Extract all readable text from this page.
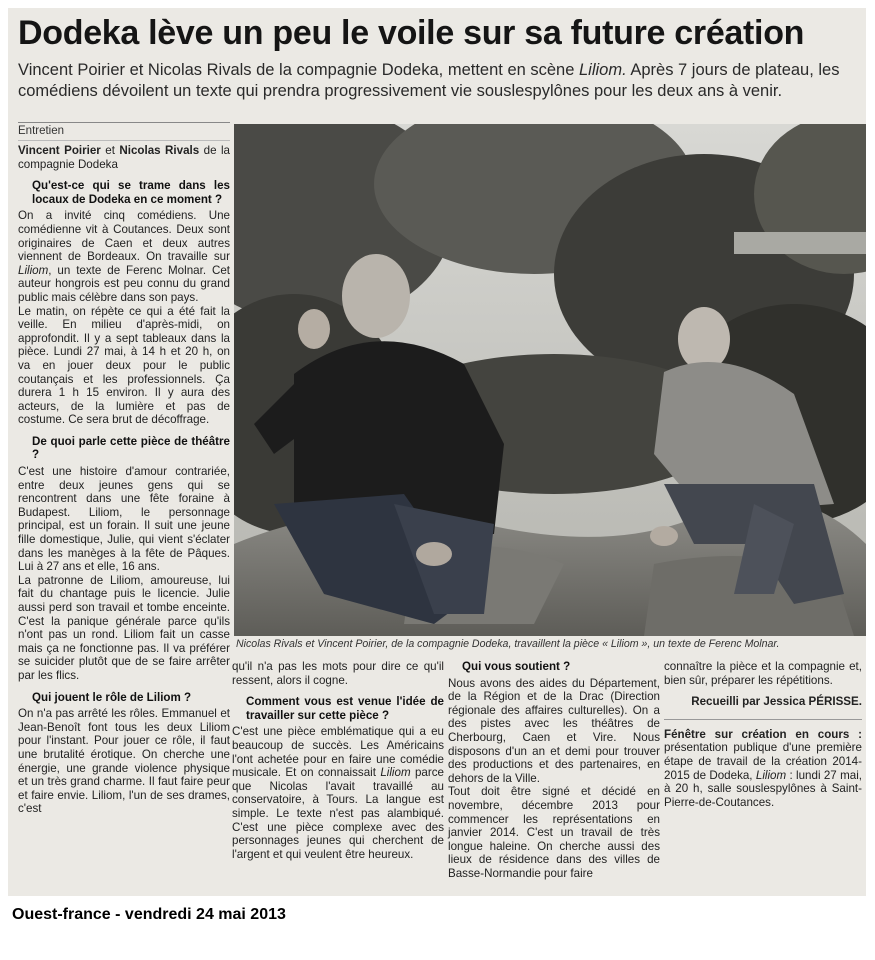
Dodeka lève un peu le voile sur sa future création

Vincent Poirier et Nicolas Rivals de la compagnie Dodeka, mettent en scène Liliom. Après 7 jours de plateau, les comédiens dévoilent un texte qui prendra progressivement vie souslespylônes pour les deux ans à venir.

Entretien

Vincent Poirier et Nicolas Rivals de la compagnie Dodeka

Qu'est-ce qui se trame dans les locaux de Dodeka en ce moment ?

On a invité cinq comédiens. Une comédienne vit à Coutances. Deux sont originaires de Caen et deux autres viennent de Bordeaux. On travaille sur Liliom, un texte de Ferenc Molnar. Cet auteur hongrois est peu connu du grand public mais célèbre dans son pays.

Le matin, on répète ce qui a été fait la veille. En milieu d'après-midi, on approfondit. Il y a sept tableaux dans la pièce. Lundi 27 mai, à 14 h et 20 h, on va en jouer deux pour le public coutançais et les professionnels. Ça durera 1 h 15 environ. Il y aura des acteurs, de la lumière et pas de costume. Ce sera brut de décoffrage.

De quoi parle cette pièce de théâtre ?

C'est une histoire d'amour contrariée, entre deux jeunes gens qui se rencontrent dans une fête foraine à Budapest. Liliom, le personnage principal, est un forain. Il suit une jeune fille domestique, Julie, qui vient s'éclater dans les manèges à la fête de Pâques. Lui à 27 ans et elle, 16 ans.

La patronne de Liliom, amoureuse, lui fait du chantage puis le licencie. Julie aussi perd son travail et tombe enceinte. C'est la panique générale parce qu'ils n'ont pas un rond. Liliom fait un casse mais ça ne fonctionne pas. Il va préférer se suicider plutôt que de se faire arrêter par les flics.

Qui jouent le rôle de Liliom ?

On n'a pas arrêté les rôles. Emmanuel et Jean-Benoît font tous les deux Liliom pour l'instant. Pour jouer ce rôle, il faut une brutalité érotique. On cherche une énergie, une grande violence physique et un très grand charme. Il faut faire peur et faire envie. Liliom, l'un de ses drames, c'est

Nicolas Rivals et Vincent Poirier, de la compagnie Dodeka, travaillent la pièce « Liliom », un texte de Ferenc Molnar.

qu'il n'a pas les mots pour dire ce qu'il ressent, alors il cogne.

Comment vous est venue l'idée de travailler sur cette pièce ?

C'est une pièce emblématique qui a eu beaucoup de succès. Les Américains l'ont achetée pour en faire une comédie musicale. Et on connaissait Liliom parce que Nicolas l'avait travaillé au conservatoire, à Tours. La langue est simple. Le texte n'est pas alambiqué. C'est une pièce complexe avec des personnages jeunes qui cherchent de l'argent et qui veulent être heureux.

Qui vous soutient ?

Nous avons des aides du Département, de la Région et de la Drac (Direction régionale des affaires culturelles). On a des pistes avec les théâtres de Cherbourg, Caen et Vire. Nous disposons d'un an et demi pour trouver des productions et des partenaires, en dehors de la Ville.

Tout doit être signé et décidé en novembre, décembre 2013 pour commencer les représentations en janvier 2014. C'est un travail de très longue haleine. On cherche aussi des lieux de résidence dans des villes de Basse-Normandie pour faire

connaître la pièce et la compagnie et, bien sûr, préparer les répétitions.

Recueilli par Jessica PÉRISSE.

Fénêtre sur création en cours : présentation publique d'une première étape de travail de la création 2014-2015 de Dodeka, Liliom : lundi 27 mai, à 20 h, salle souslespylônes à Saint-Pierre-de-Coutances.

Ouest-france - vendredi 24 mai 2013
